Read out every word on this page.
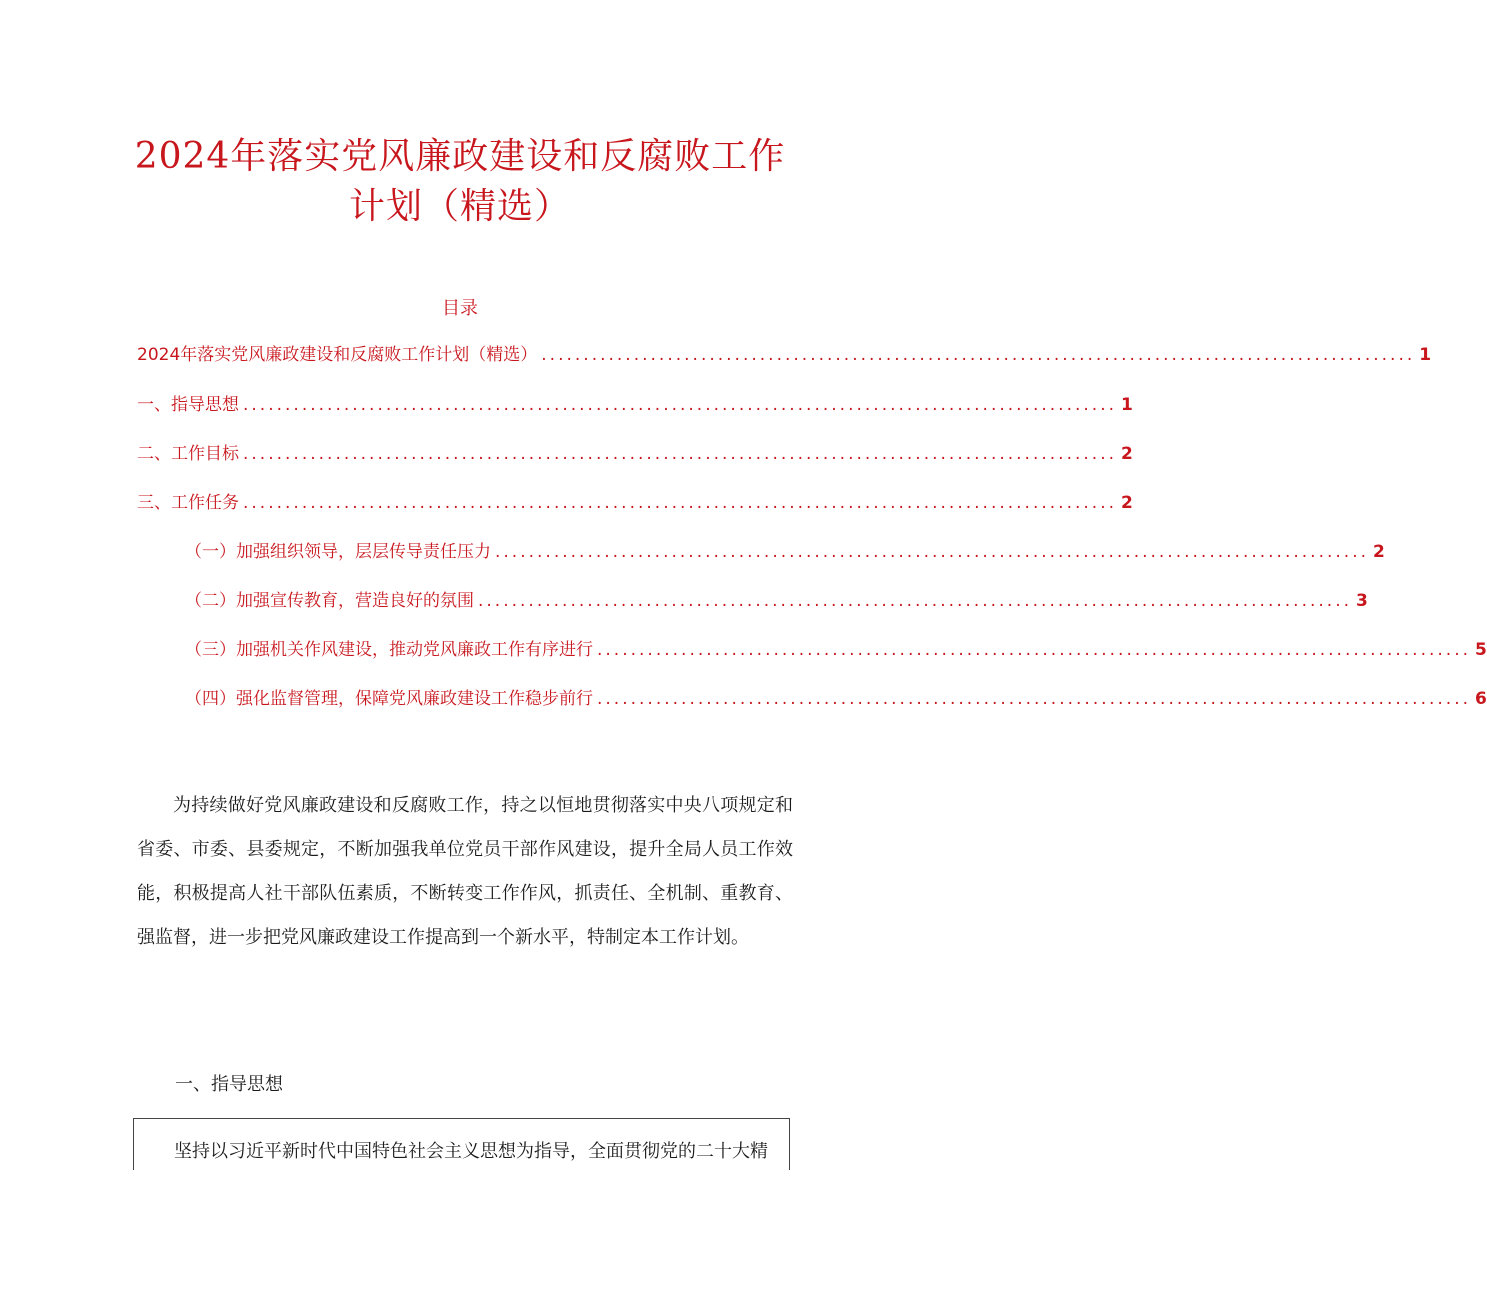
2024年落实党风廉政建设和反腐败工作计划（精选）
目录
2024年落实党风廉政建设和反腐败工作计划（精选） ........................................................................................................ 1
一、指导思想 ........................................................................................................ 1
二、工作目标 ........................................................................................................ 2
三、工作任务 ........................................................................................................ 2
（一）加强组织领导，层层传导责任压力 ........................................................................................................ 2
（二）加强宣传教育，营造良好的氛围 ........................................................................................................ 3
（三）加强机关作风建设，推动党风廉政工作有序进行 ........................................................................................................ 5
（四）强化监督管理，保障党风廉政建设工作稳步前行 ........................................................................................................ 6

为持续做好党风廉政建设和反腐败工作，持之以恒地贯彻落实中央八项规定和省委、市委、县委规定，不断加强我单位党员干部作风建设，提升全局人员工作效能，积极提高人社干部队伍素质，不断转变工作作风，抓责任、全机制、重教育、强监督，进一步把党风廉政建设工作提高到一个新水平，特制定本工作计划。

一、指导思想
坚持以习近平新时代中国特色社会主义思想为指导，全面贯彻党的二十大精
